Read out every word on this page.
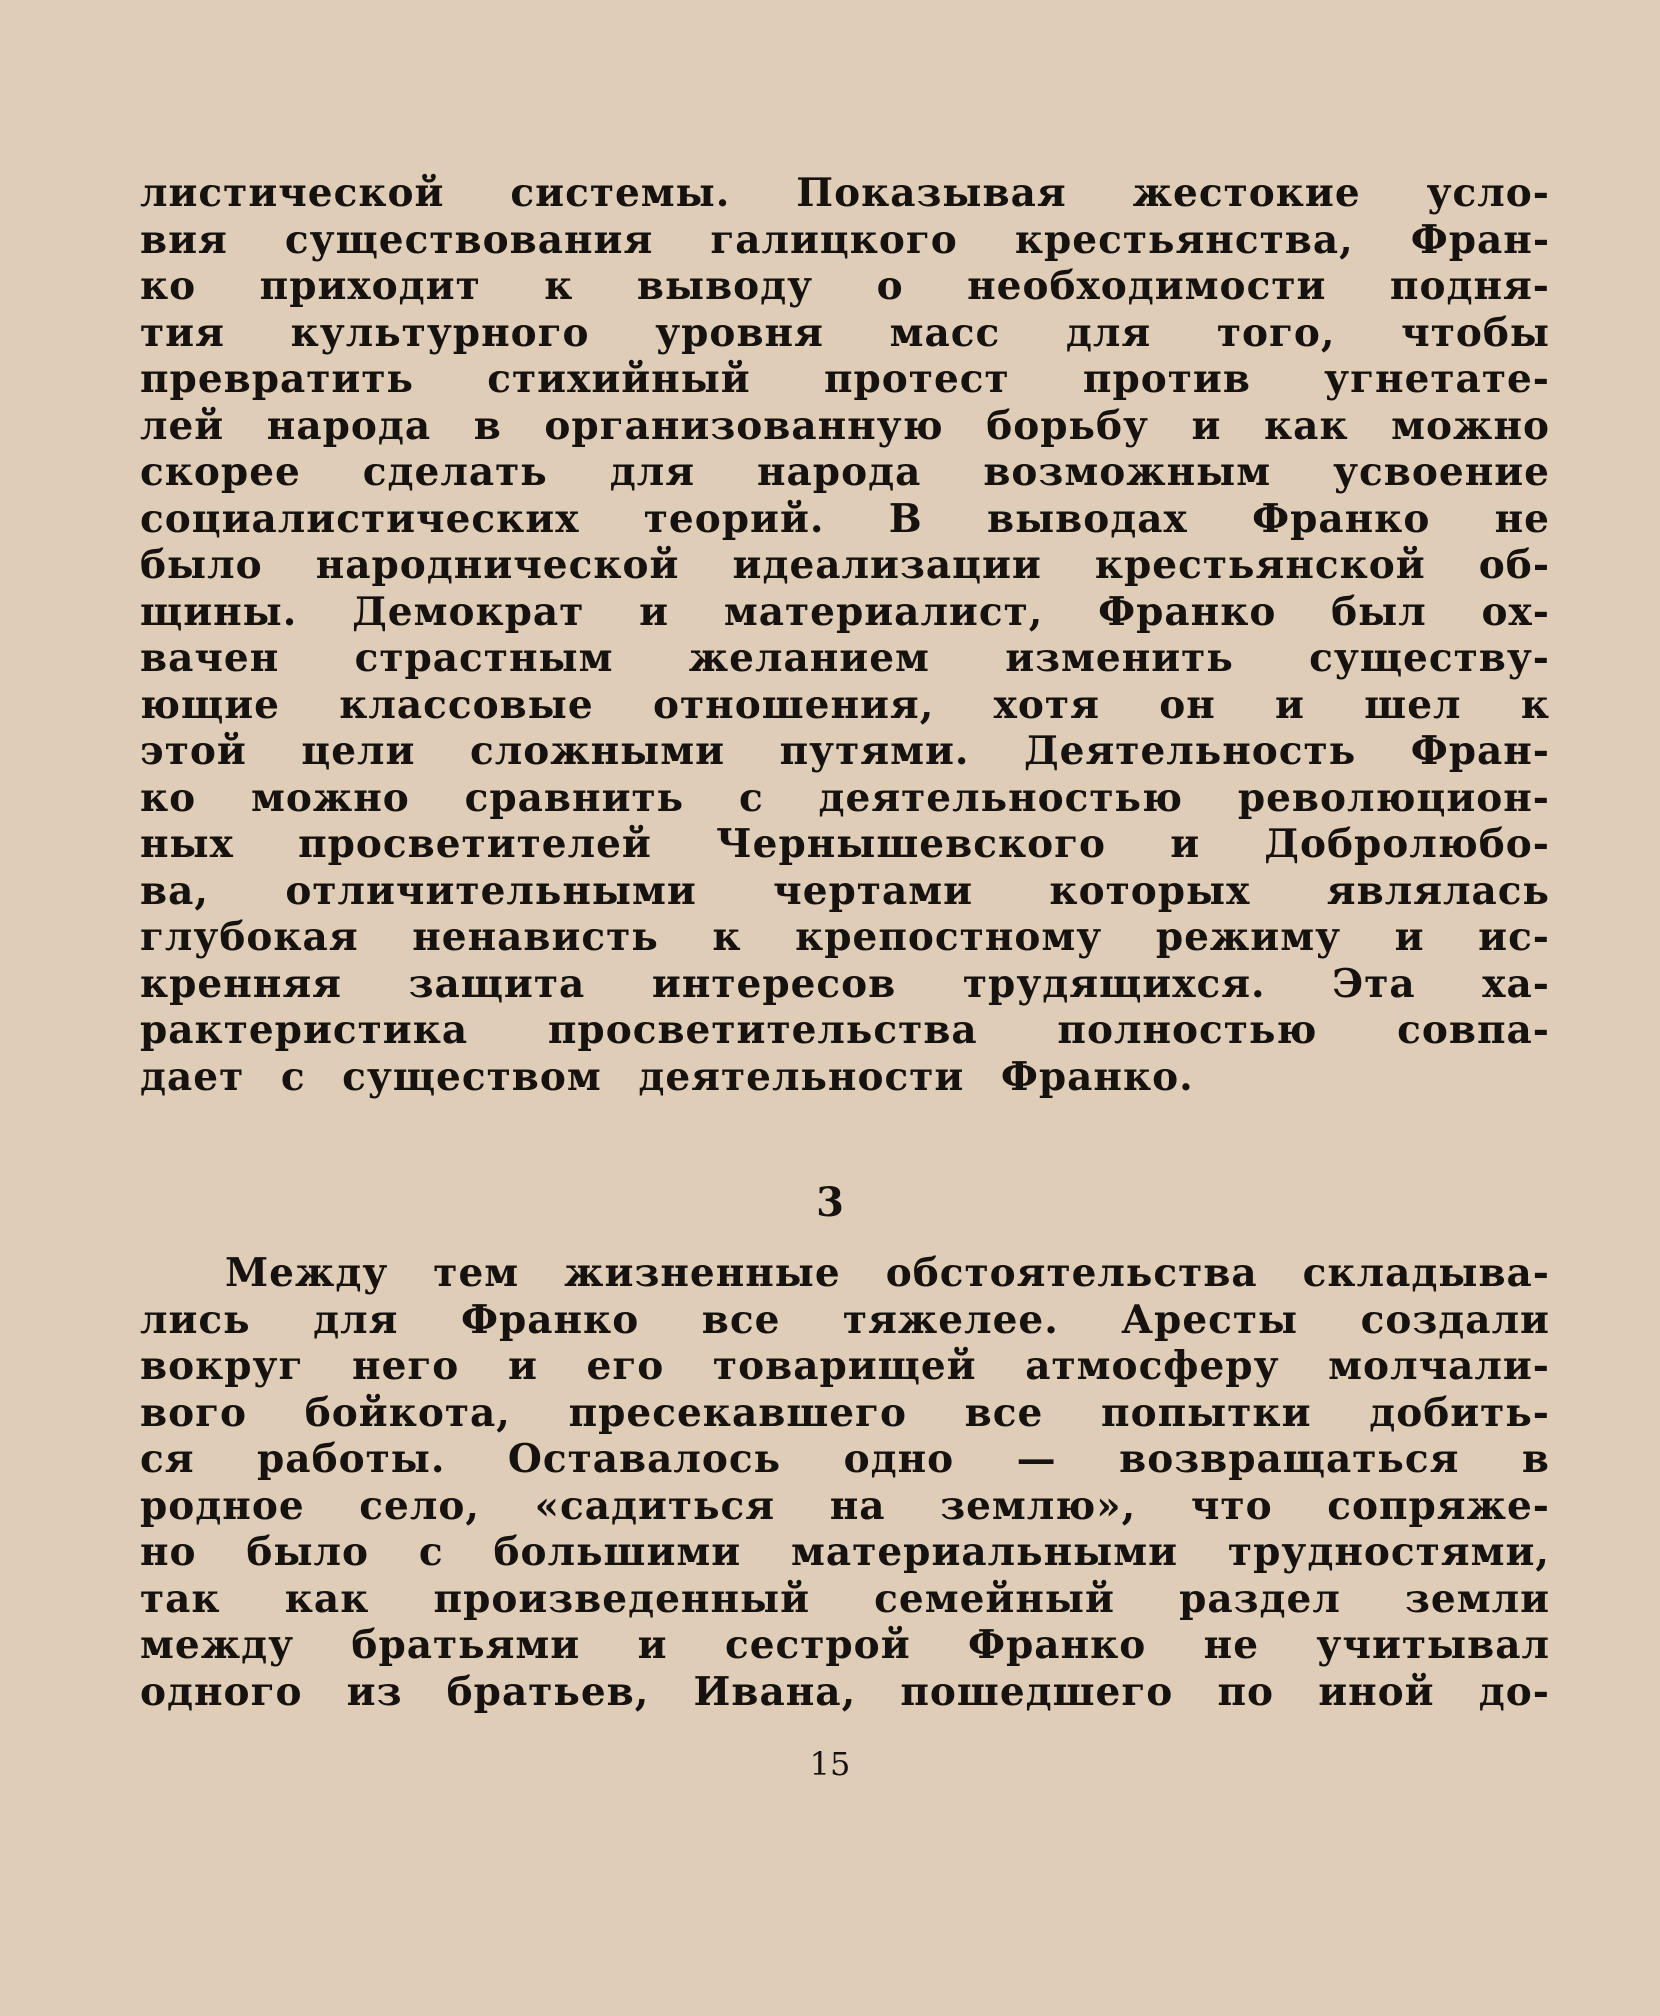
листической системы. Показывая жестокие усло-
вия существования галицкого крестьянства, Фран-
ко приходит к выводу о необходимости подня-
тия культурного уровня масс для того, чтобы
превратить стихийный протест против угнетате-
лей народа в организованную борьбу и как можно
скорее сделать для народа возможным усвоение
социалистических теорий. В выводах Франко не
было народнической идеализации крестьянской об-
щины. Демократ и материалист, Франко был ох-
вачен страстным желанием изменить существу-
ющие классовые отношения, хотя он и шел к
этой цели сложными путями. Деятельность Фран-
ко можно сравнить с деятельностью революцион-
ных просветителей Чернышевского и Добролюбо-
ва, отличительными чертами которых являлась
глубокая ненависть к крепостному режиму и ис-
кренняя защита интересов трудящихся. Эта ха-
рактеристика просветительства полностью совпа-
дает с существом деятельности Франко.
3
Между тем жизненные обстоятельства складыва-
лись для Франко все тяжелее. Аресты создали
вокруг него и его товарищей атмосферу молчали-
вого бойкота, пресекавшего все попытки добить-
ся работы. Оставалось одно — возвращаться в
родное село, «садиться на землю», что сопряже-
но было с большими материальными трудностями,
так как произведенный семейный раздел земли
между братьями и сестрой Франко не учитывал
одного из братьев, Ивана, пошедшего по иной до-
15
